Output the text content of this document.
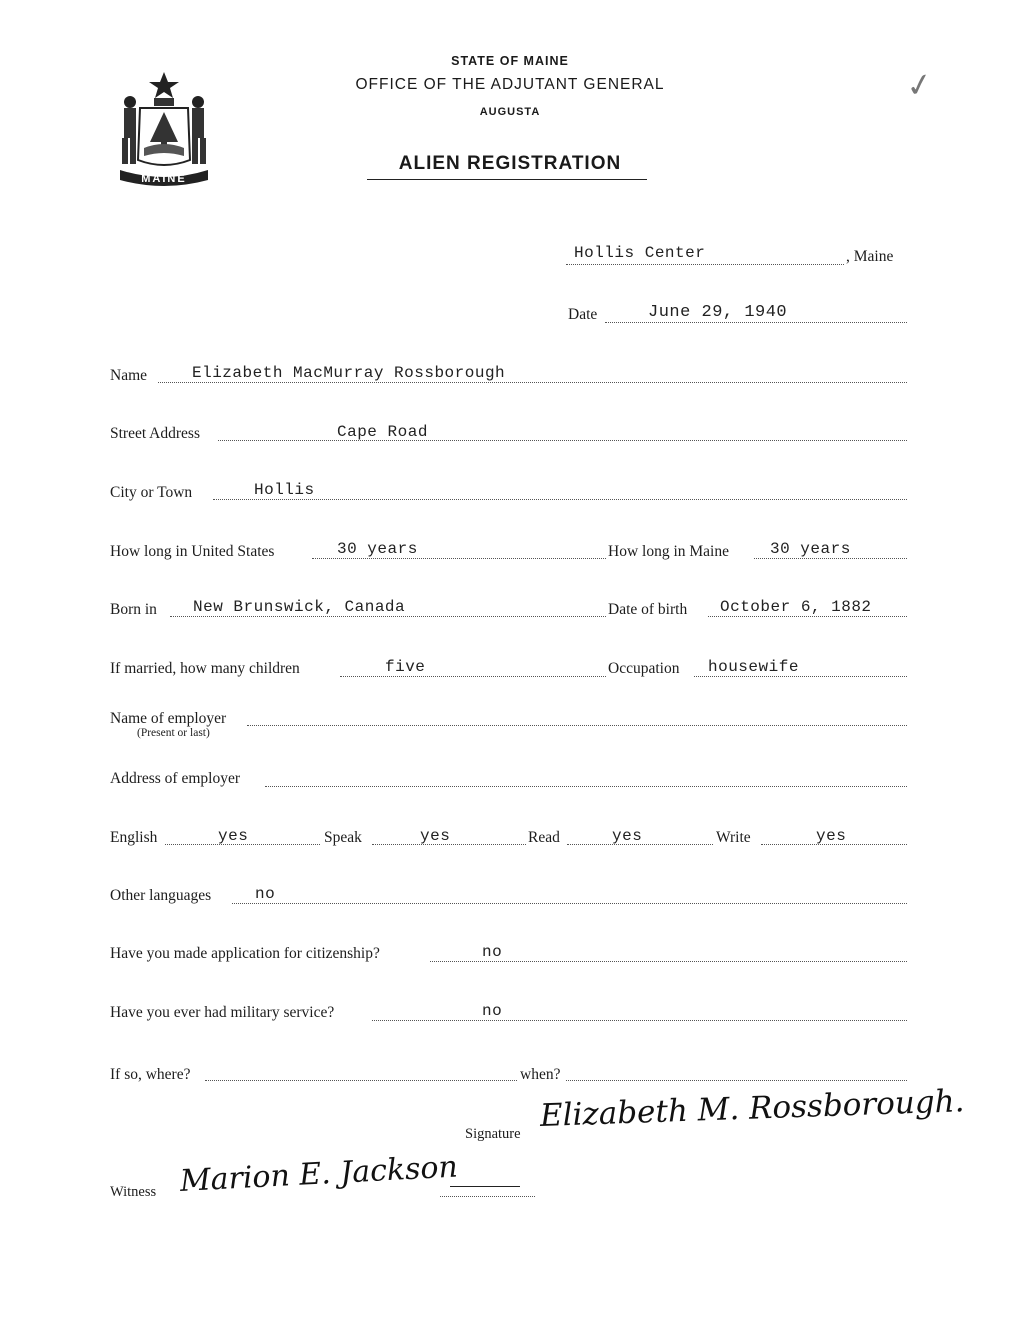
MAINE
STATE OF MAINE
OFFICE OF THE ADJUTANT GENERAL
AUGUSTA
ALIEN REGISTRATION
✓
Hollis Center	, Maine
Date	June 29, 1940
Name	Elizabeth MacMurray Rossborough
Street Address	Cape Road
City or Town	Hollis
How long in United States	30 years	How long in Maine	30 years
Born in New Brunswick, Canada	Date of birth October 6, 1882
If married, how many children	five	Occupation housewife
Name of employer
(Present or last)
Address of employer
English	yes	Speak	yes	Read	yes	Write	yes
Other languages	no
Have you made application for citizenship?	no
Have you ever had military service?	no
If so, where?	when?
Signature
Elizabeth M. Rossborough.
Witness Marion E. Jackson
